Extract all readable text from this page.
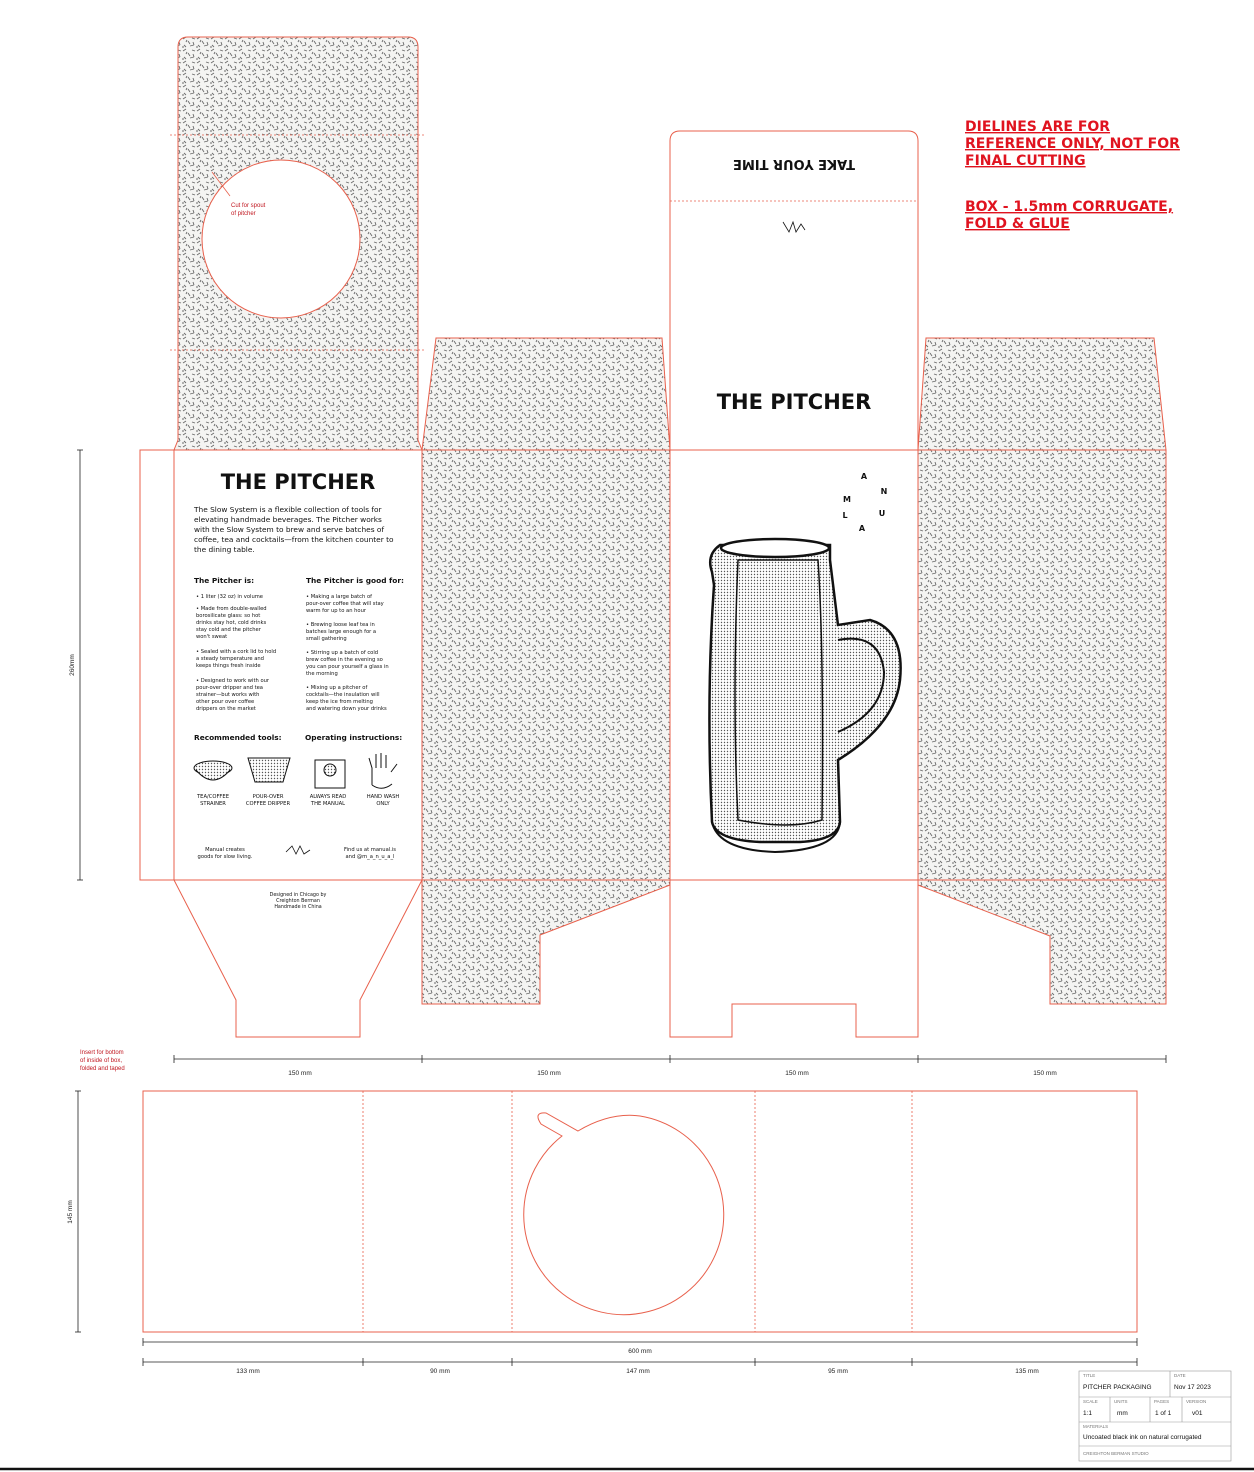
DIELINES ARE FOR
REFERENCE ONLY, NOT FOR
FINAL CUTTING
BOX - 1.5mm CORRUGATE,
FOLD & GLUE
Cut for spout
of pitcher
Insert for bottom
of inside of box,
folded and taped
TAKE YOUR TIME
THE PITCHER
M
A
N
U
A
L
THE PITCHER
The Slow System is a flexible collection of tools for
elevating handmade beverages. The Pitcher works
with the Slow System to brew and serve batches of
coffee, tea and cocktails—from the kitchen counter to
the dining table.
The Pitcher is:	The Pitcher is good for:
• 1 liter (32 oz) in volume
• Made from double-walled
borosilicate glass: so hot
drinks stay hot, cold drinks
stay cold and the pitcher
won't sweat
• Sealed with a cork lid to hold
a steady temperature and
keeps things fresh inside
• Designed to work with our
pour-over dripper and tea
strainer—but works with
other pour over coffee
drippers on the market
• Making a large batch of
pour-over coffee that will stay
warm for up to an hour
• Brewing loose leaf tea in
batches large enough for a
small gathering
• Stirring up a batch of cold
brew coffee in the evening so
you can pour yourself a glass in
the morning
• Mixing up a pitcher of
cocktails—the insulation will
keep the ice from melting
and watering down your drinks
Recommended tools:	Operating instructions:
TEA/COFFEE
STRAINER
POUR-OVER
COFFEE DRIPPER
ALWAYS READ
THE MANUAL
HAND WASH
ONLY
Manual creates
goods for slow living.
Find us at manual.is
and @m_a_n_u_a_l
Designed in Chicago by
Creighton Berman
Handmade in China
260mm
150 mm	150 mm	150 mm	150 mm
145 mm
600 mm
133 mm	90 mm	147 mm	95 mm	135 mm
TITLE
PITCHER PACKAGING
DATE
Nov 17 2023
SCALE
1:1
UNITS
mm
PAGES
1 of 1
VERSION
v01
MATERIALS
Uncoated black ink on natural corrugated
CREIGHTON BERMAN STUDIO
